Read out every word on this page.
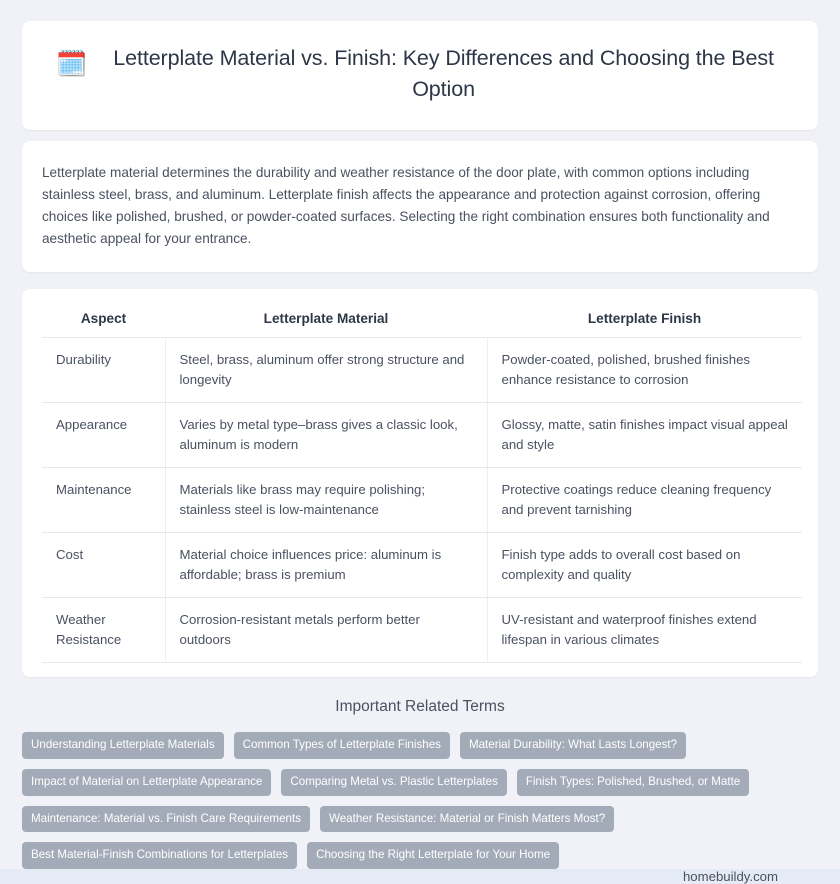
🗓️	Letterplate Material vs. Finish: Key Differences and Choosing the Best Option

Letterplate material determines the durability and weather resistance of the door plate, with common options including stainless steel, brass, and aluminum. Letterplate finish affects the appearance and protection against corrosion, offering choices like polished, brushed, or powder-coated surfaces. Selecting the right combination ensures both functionality and aesthetic appeal for your entrance.

Aspect	Letterplate Material	Letterplate Finish
Durability	Steel, brass, aluminum offer strong structure and longevity	Powder-coated, polished, brushed finishes enhance resistance to corrosion
Appearance	Varies by metal type–brass gives a classic look, aluminum is modern	Glossy, matte, satin finishes impact visual appeal and style
Maintenance	Materials like brass may require polishing; stainless steel is low-maintenance	Protective coatings reduce cleaning frequency and prevent tarnishing
Cost	Material choice influences price: aluminum is affordable; brass is premium	Finish type adds to overall cost based on complexity and quality
Weather Resistance	Corrosion-resistant metals perform better outdoors	UV-resistant and waterproof finishes extend lifespan in various climates
Important Related Terms
Understanding Letterplate Materials	Common Types of Letterplate Finishes	Material Durability: What Lasts Longest?
Impact of Material on Letterplate Appearance	Comparing Metal vs. Plastic Letterplates	Finish Types: Polished, Brushed, or Matte
Maintenance: Material vs. Finish Care Requirements	Weather Resistance: Material or Finish Matters Most?
Best Material-Finish Combinations for Letterplates	Choosing the Right Letterplate for Your Home
homebuildy.com
